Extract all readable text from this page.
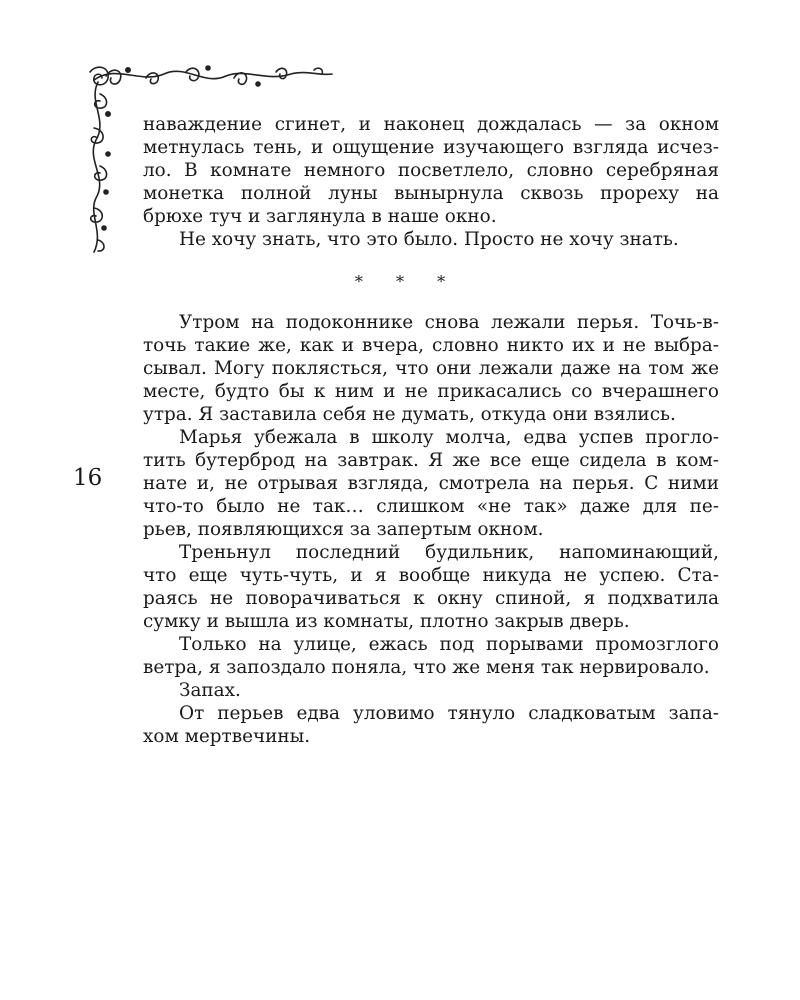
наваждение сгинет, и наконец дождалась — за окном
метнулась тень, и ощущение изучающего взгляда исчез-
ло. В комнате немного посветлело, словно серебряная
монетка полной луны вынырнула сквозь прореху на
брюхе туч и заглянула в наше окно.
Не хочу знать, что это было. Просто не хочу знать.
* * *
Утром на подоконнике снова лежали перья. Точь-в-
точь такие же, как и вчера, словно никто их и не выбра-
сывал. Могу поклясться, что они лежали даже на том же
месте, будто бы к ним и не прикасались со вчерашнего
утра. Я заставила себя не думать, откуда они взялись.
Марья убежала в школу молча, едва успев прогло-
тить бутерброд на завтрак. Я же все еще сидела в ком-
нате и, не отрывая взгляда, смотрела на перья. С ними
что-то было не так… слишком «не так» даже для пе-
рьев, появляющихся за запертым окном.
Треньнул последний будильник, напоминающий,
что еще чуть-чуть, и я вообще никуда не успею. Ста-
раясь не поворачиваться к окну спиной, я подхватила
сумку и вышла из комнаты, плотно закрыв дверь.
Только на улице, ежась под порывами промозглого
ветра, я запоздало поняла, что же меня так нервировало.
Запах.
От перьев едва уловимо тянуло сладковатым запа-
хом мертвечины.
16
